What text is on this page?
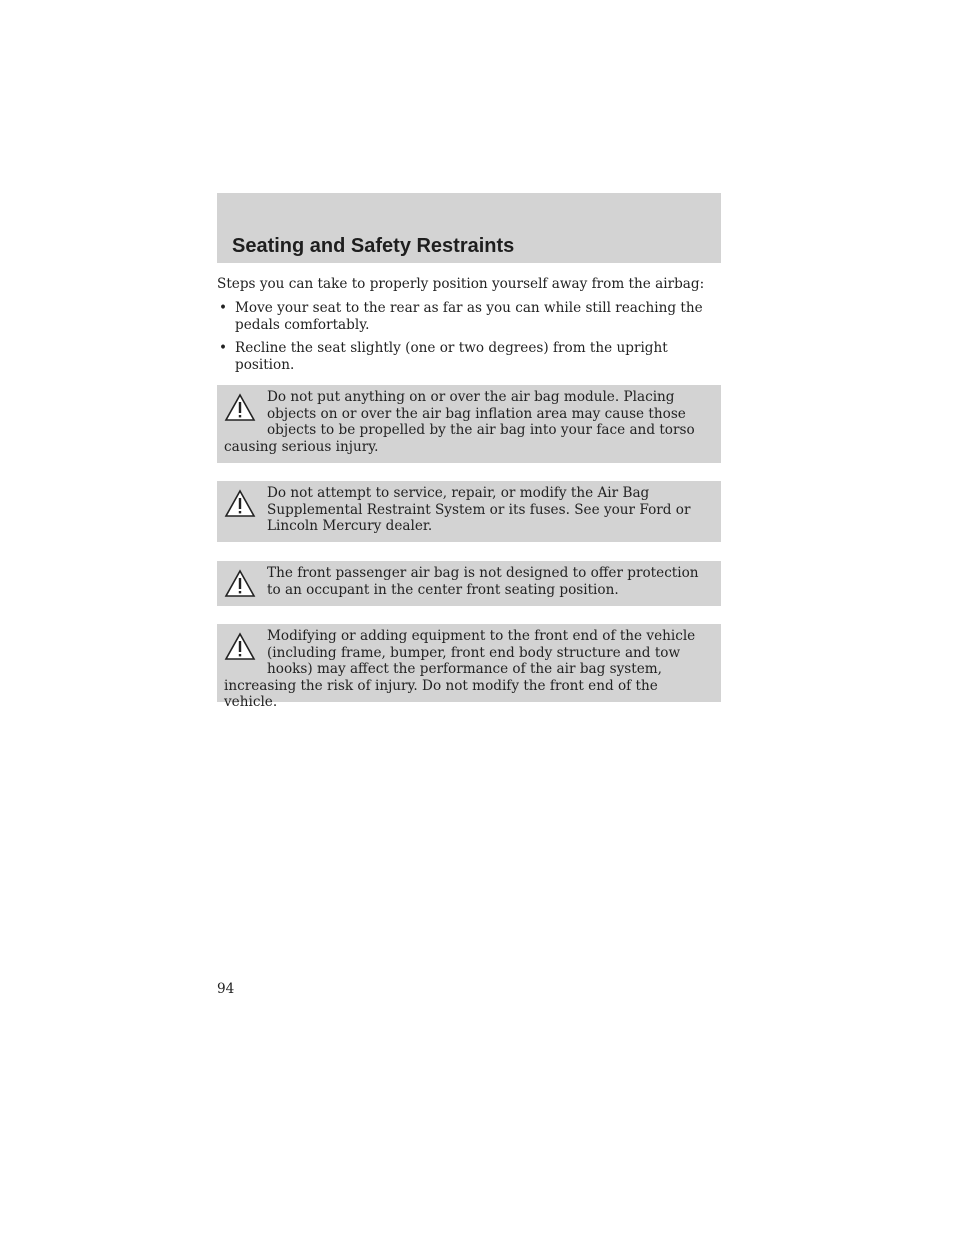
Seating and Safety Restraints

Steps you can take to properly position yourself away from the airbag:

• Move your seat to the rear as far as you can while still reaching the pedals comfortably.
• Recline the seat slightly (one or two degrees) from the upright position.
Do not put anything on or over the air bag module. Placing objects on or over the air bag inflation area may cause those objects to be propelled by the air bag into your face and torso causing serious injury.
Do not attempt to service, repair, or modify the Air Bag Supplemental Restraint System or its fuses. See your Ford or Lincoln Mercury dealer.
The front passenger air bag is not designed to offer protection to an occupant in the center front seating position.
Modifying or adding equipment to the front end of the vehicle (including frame, bumper, front end body structure and tow hooks) may affect the performance of the air bag system, increasing the risk of injury. Do not modify the front end of the vehicle.
94
